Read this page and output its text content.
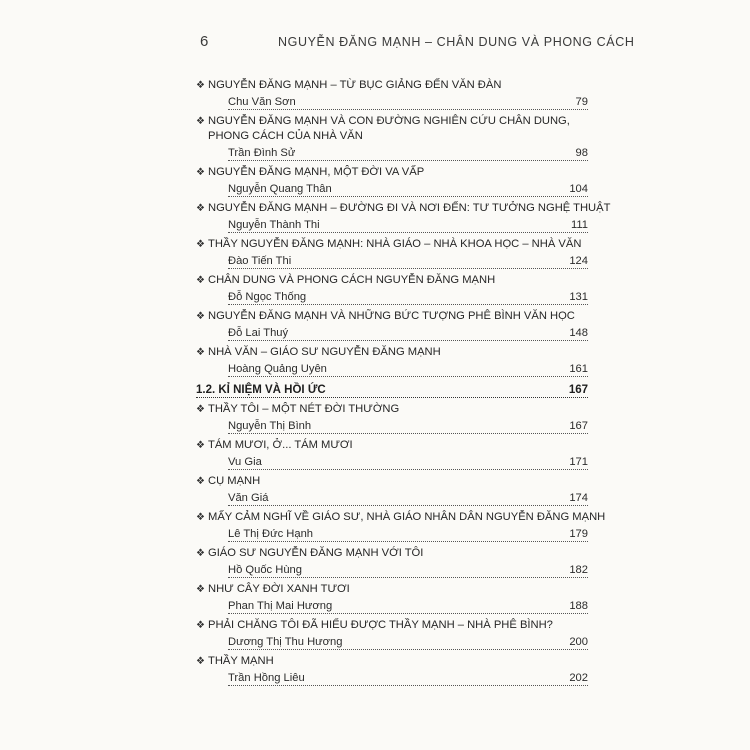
6	NGUYỄN ĐĂNG MẠNH – CHÂN DUNG VÀ PHONG CÁCH
❖ NGUYỄN ĐĂNG MẠNH – TỪ BỤC GIẢNG ĐẾN VĂN ĐÀN
Chu Văn Sơn	79
❖ NGUYỄN ĐĂNG MẠNH VÀ CON ĐƯỜNG NGHIÊN CỨU CHÂN DUNG, PHONG CÁCH CỦA NHÀ VĂN
Trần Đình Sử	98
❖ NGUYỄN ĐĂNG MẠNH, MỘT ĐỜI VA VẤP
Nguyễn Quang Thân	104
❖ NGUYỄN ĐĂNG MẠNH – ĐƯỜNG ĐI VÀ NƠI ĐẾN: TƯ TƯỞNG NGHỆ THUẬT
Nguyễn Thành Thi	111
❖ THẦY NGUYỄN ĐĂNG MẠNH: NHÀ GIÁO – NHÀ KHOA HỌC – NHÀ VĂN
Đào Tiến Thi	124
❖ CHÂN DUNG VÀ PHONG CÁCH NGUYỄN ĐĂNG MẠNH
Đỗ Ngọc Thống	131
❖ NGUYỄN ĐĂNG MẠNH VÀ NHỮNG BỨC TƯỢNG PHÊ BÌNH VĂN HỌC
Đỗ Lai Thuý	148
❖ NHÀ VĂN – GIÁO SƯ NGUYỄN ĐĂNG MẠNH
Hoàng Quảng Uyên	161
1.2. KỈ NIỆM VÀ HỒI ỨC	167
❖ THẦY TÔI – MỘT NÉT ĐỜI THƯỜNG
Nguyễn Thị Bình	167
❖ TÁM MƯƠI, Ở... TÁM MƯƠI
Vu Gia	171
❖ CỤ MẠNH
Văn Giá	174
❖ MẤY CẢM NGHĨ VỀ GIÁO SƯ, NHÀ GIÁO NHÂN DÂN NGUYỄN ĐĂNG MẠNH
Lê Thị Đức Hạnh	179
❖ GIÁO SƯ NGUYỄN ĐĂNG MẠNH VỚI TÔI
Hồ Quốc Hùng	182
❖ NHƯ CÂY ĐỜI XANH TƯƠI
Phan Thị Mai Hương	188
❖ PHẢI CHĂNG TÔI ĐÃ HIỂU ĐƯỢC THẦY MẠNH – NHÀ PHÊ BÌNH?
Dương Thị Thu Hương	200
❖ THẦY MẠNH
Trần Hồng Liêu	202
